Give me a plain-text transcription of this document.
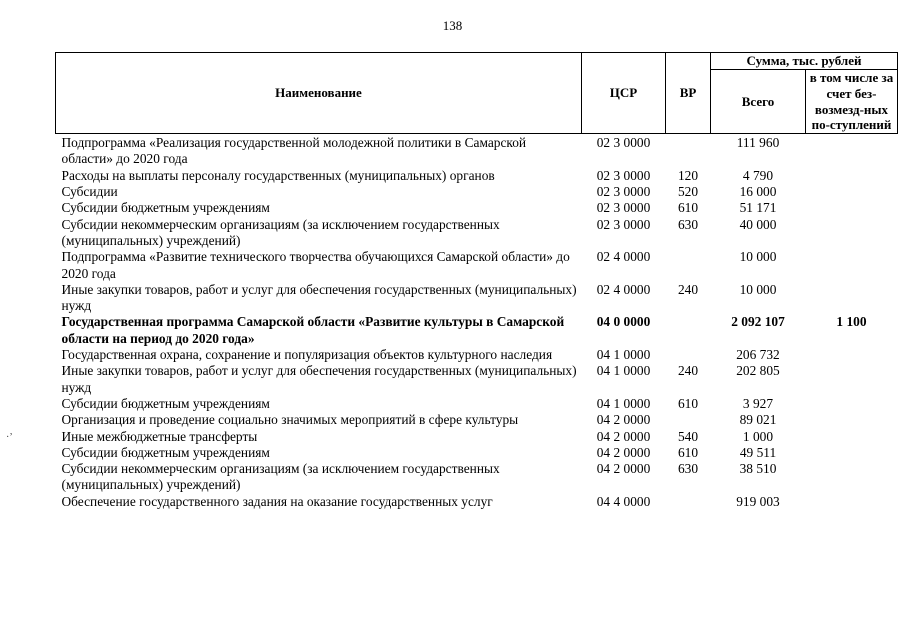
138
·’
Наименование	ЦСР	ВР	Сумма, тыс. рублей	
			Всего	в том числе за счет без-возмезд-ных по-ступлений
Подпрограмма «Реализация государственной молодежной политики в Самарской области» до 2020 года	02 3 0000		111 960	
Расходы на выплаты персоналу государственных (муниципальных) органов	02 3 0000	120	4 790	
Субсидии	02 3 0000	520	16 000	
Субсидии бюджетным учреждениям	02 3 0000	610	51 171	
Субсидии некоммерческим организациям (за исключением государственных (муниципальных) учреждений)	02 3 0000	630	40 000	
Подпрограмма «Развитие технического творчества обучающихся Самарской области» до 2020 года	02 4 0000		10 000	
Иные закупки товаров, работ и услуг для обеспечения государственных (муниципальных) нужд	02 4 0000	240	10 000	
Государственная программа Самарской области «Развитие культуры в Самарской области на период до 2020 года»	04 0 0000		2 092 107	1 100
Государственная охрана, сохранение и популяризация объектов культурного наследия	04 1 0000		206 732	
Иные закупки товаров, работ и услуг для обеспечения государственных (муниципальных) нужд	04 1 0000	240	202 805	
Субсидии бюджетным учреждениям	04 1 0000	610	3 927	
Организация и проведение социально значимых мероприятий в сфере культуры	04 2 0000		89 021	
Иные межбюджетные трансферты	04 2 0000	540	1 000	
Субсидии бюджетным учреждениям	04 2 0000	610	49 511	
Субсидии некоммерческим организациям (за исключением государственных (муниципальных) учреждений)	04 2 0000	630	38 510	
Обеспечение государственного задания на оказание государственных услуг	04 4 0000		919 003	
